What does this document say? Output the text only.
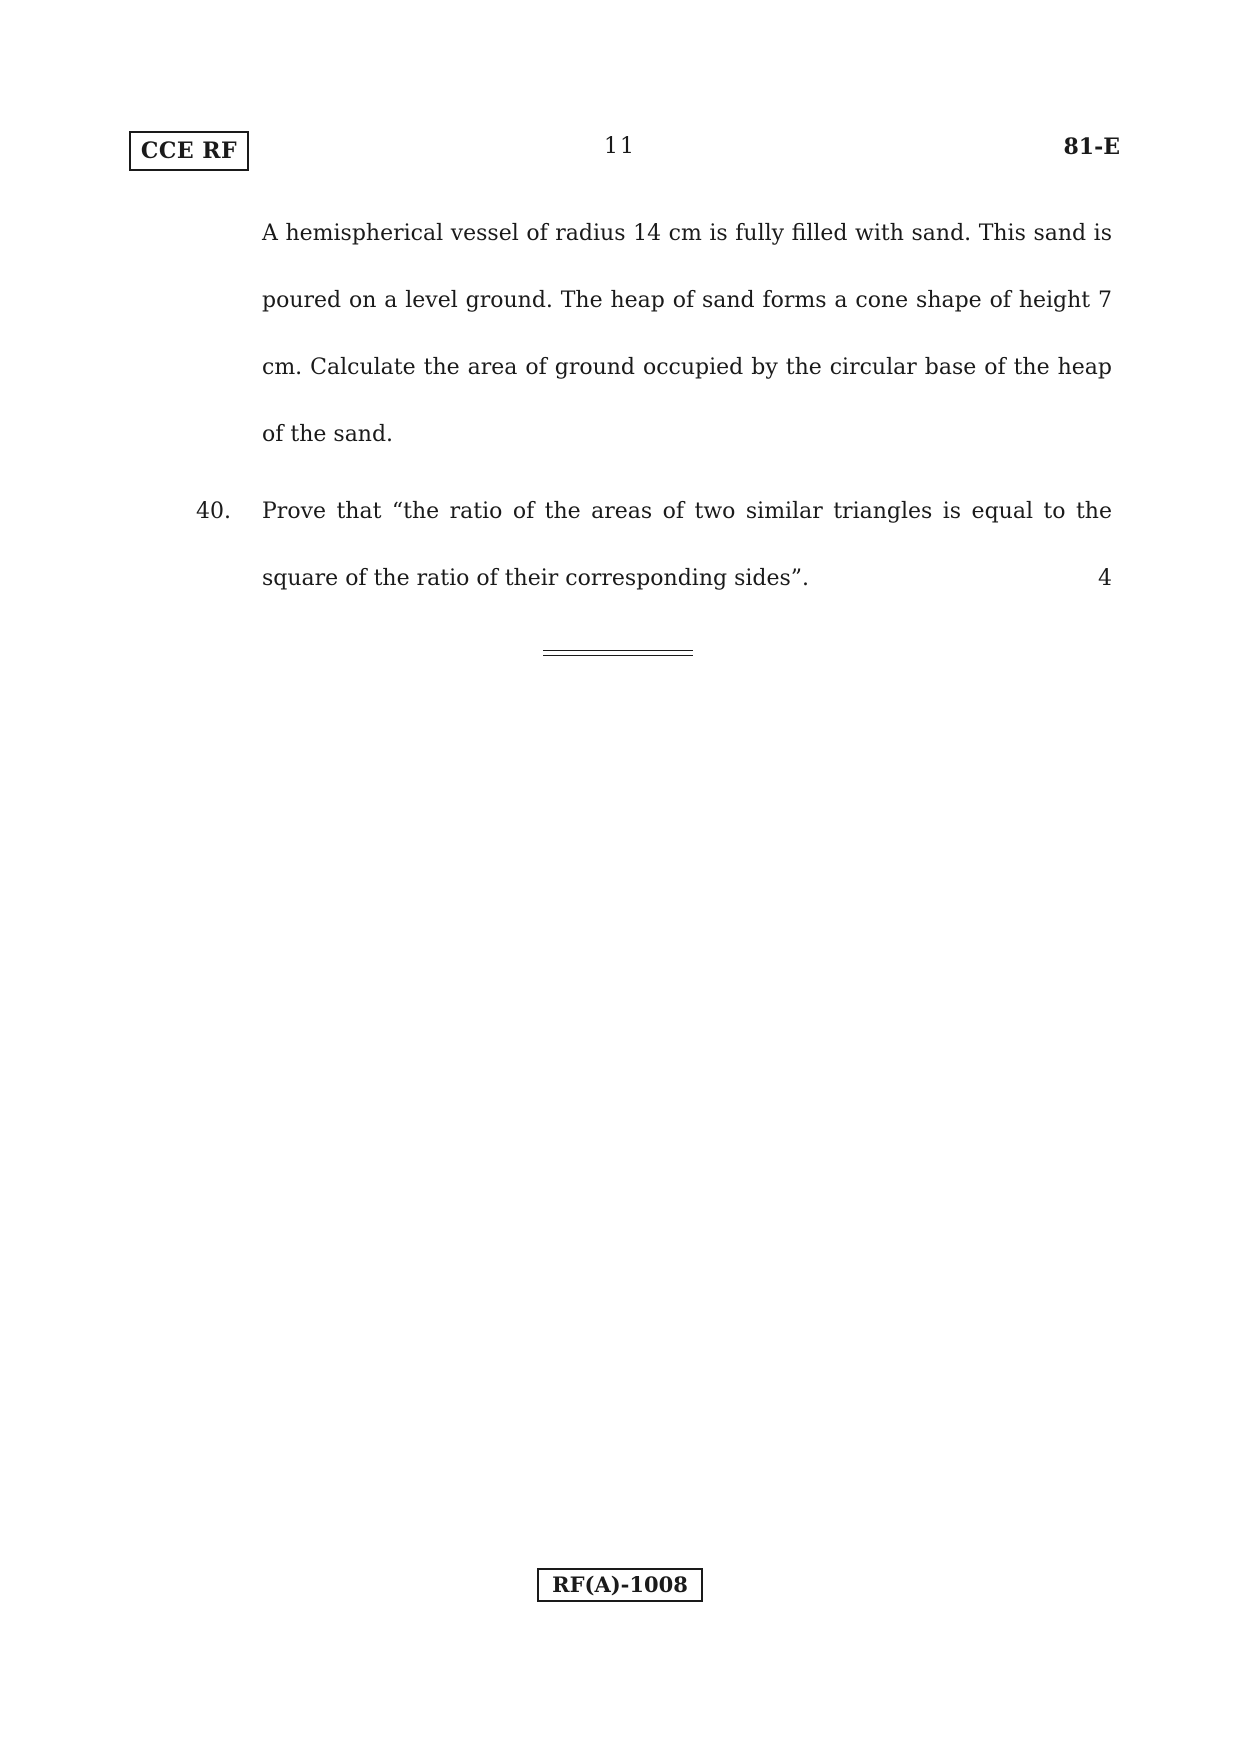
CCE RF	11	81-E
A hemispherical vessel of radius 14 cm is fully filled with sand. This sand is poured on a level ground. The heap of sand forms a cone shape of height 7 cm. Calculate the area of ground occupied by the circular base of the heap of the sand.
40. Prove that “the ratio of the areas of two similar triangles is equal to the square of the ratio of their corresponding sides”.	4
RF(A)-1008
